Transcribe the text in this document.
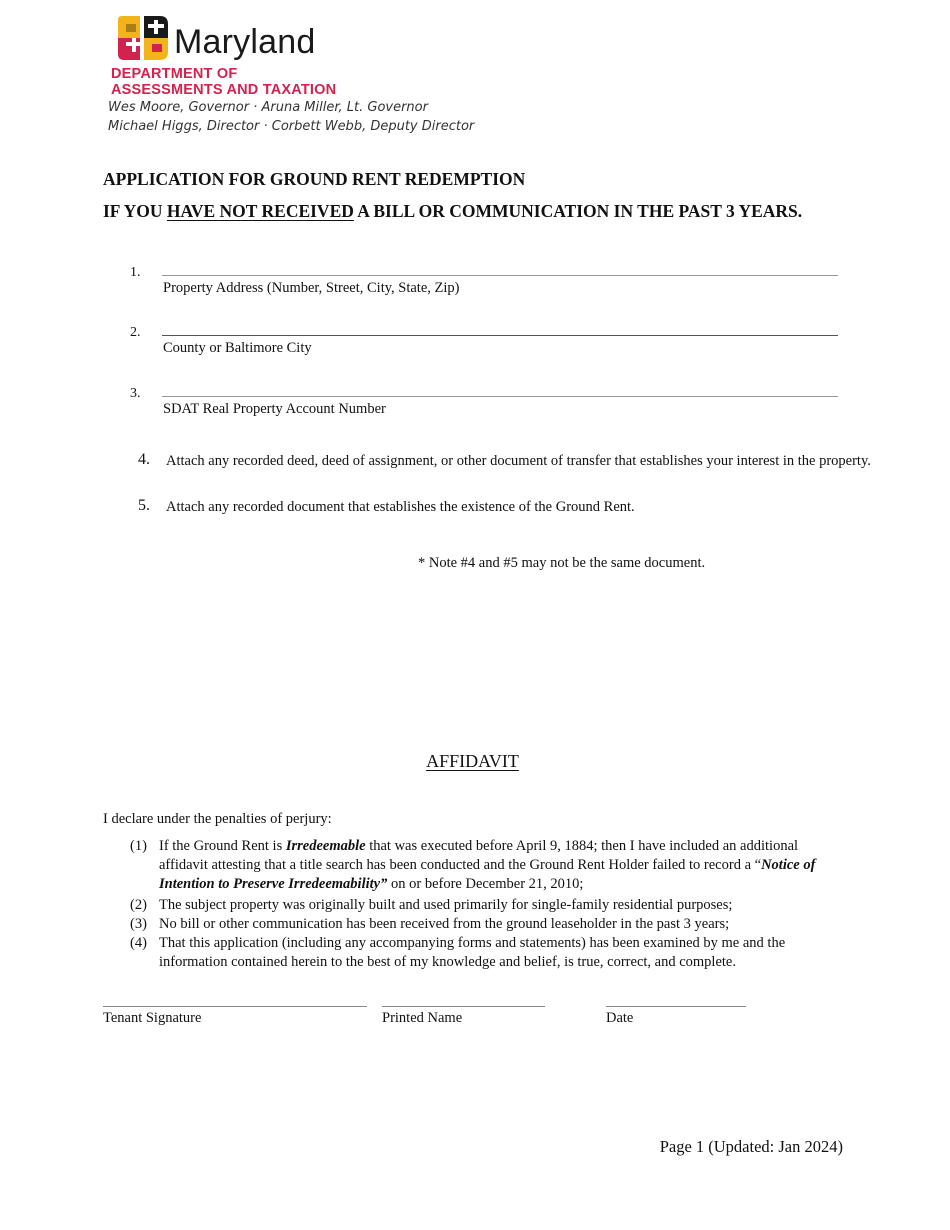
Maryland
DEPARTMENT OF
ASSESSMENTS AND TAXATION
Wes Moore, Governor · Aruna Miller, Lt. Governor
Michael Higgs, Director · Corbett Webb, Deputy Director
APPLICATION FOR GROUND RENT REDEMPTION
IF YOU HAVE NOT RECEIVED A BILL OR COMMUNICATION IN THE PAST 3 YEARS.
1.
Property Address (Number, Street, City, State, Zip)
2.
County or Baltimore City
3.
SDAT Real Property Account Number
4. Attach any recorded deed, deed of assignment, or other document of transfer that establishes your interest in the property.
5. Attach any recorded document that establishes the existence of the Ground Rent.
* Note #4 and #5 may not be the same document.
AFFIDAVIT
I declare under the penalties of perjury:
(1) If the Ground Rent is Irredeemable that was executed before April 9, 1884; then I have included an additional affidavit attesting that a title search has been conducted and the Ground Rent Holder failed to record a “Notice of Intention to Preserve Irredeemability” on or before December 21, 2010;
(2) The subject property was originally built and used primarily for single-family residential purposes;
(3) No bill or other communication has been received from the ground leaseholder in the past 3 years;
(4) That this application (including any accompanying forms and statements) has been examined by me and the information contained herein to the best of my knowledge and belief, is true, correct, and complete.
Tenant Signature	Printed Name	Date
Page 1 (Updated: Jan 2024)
